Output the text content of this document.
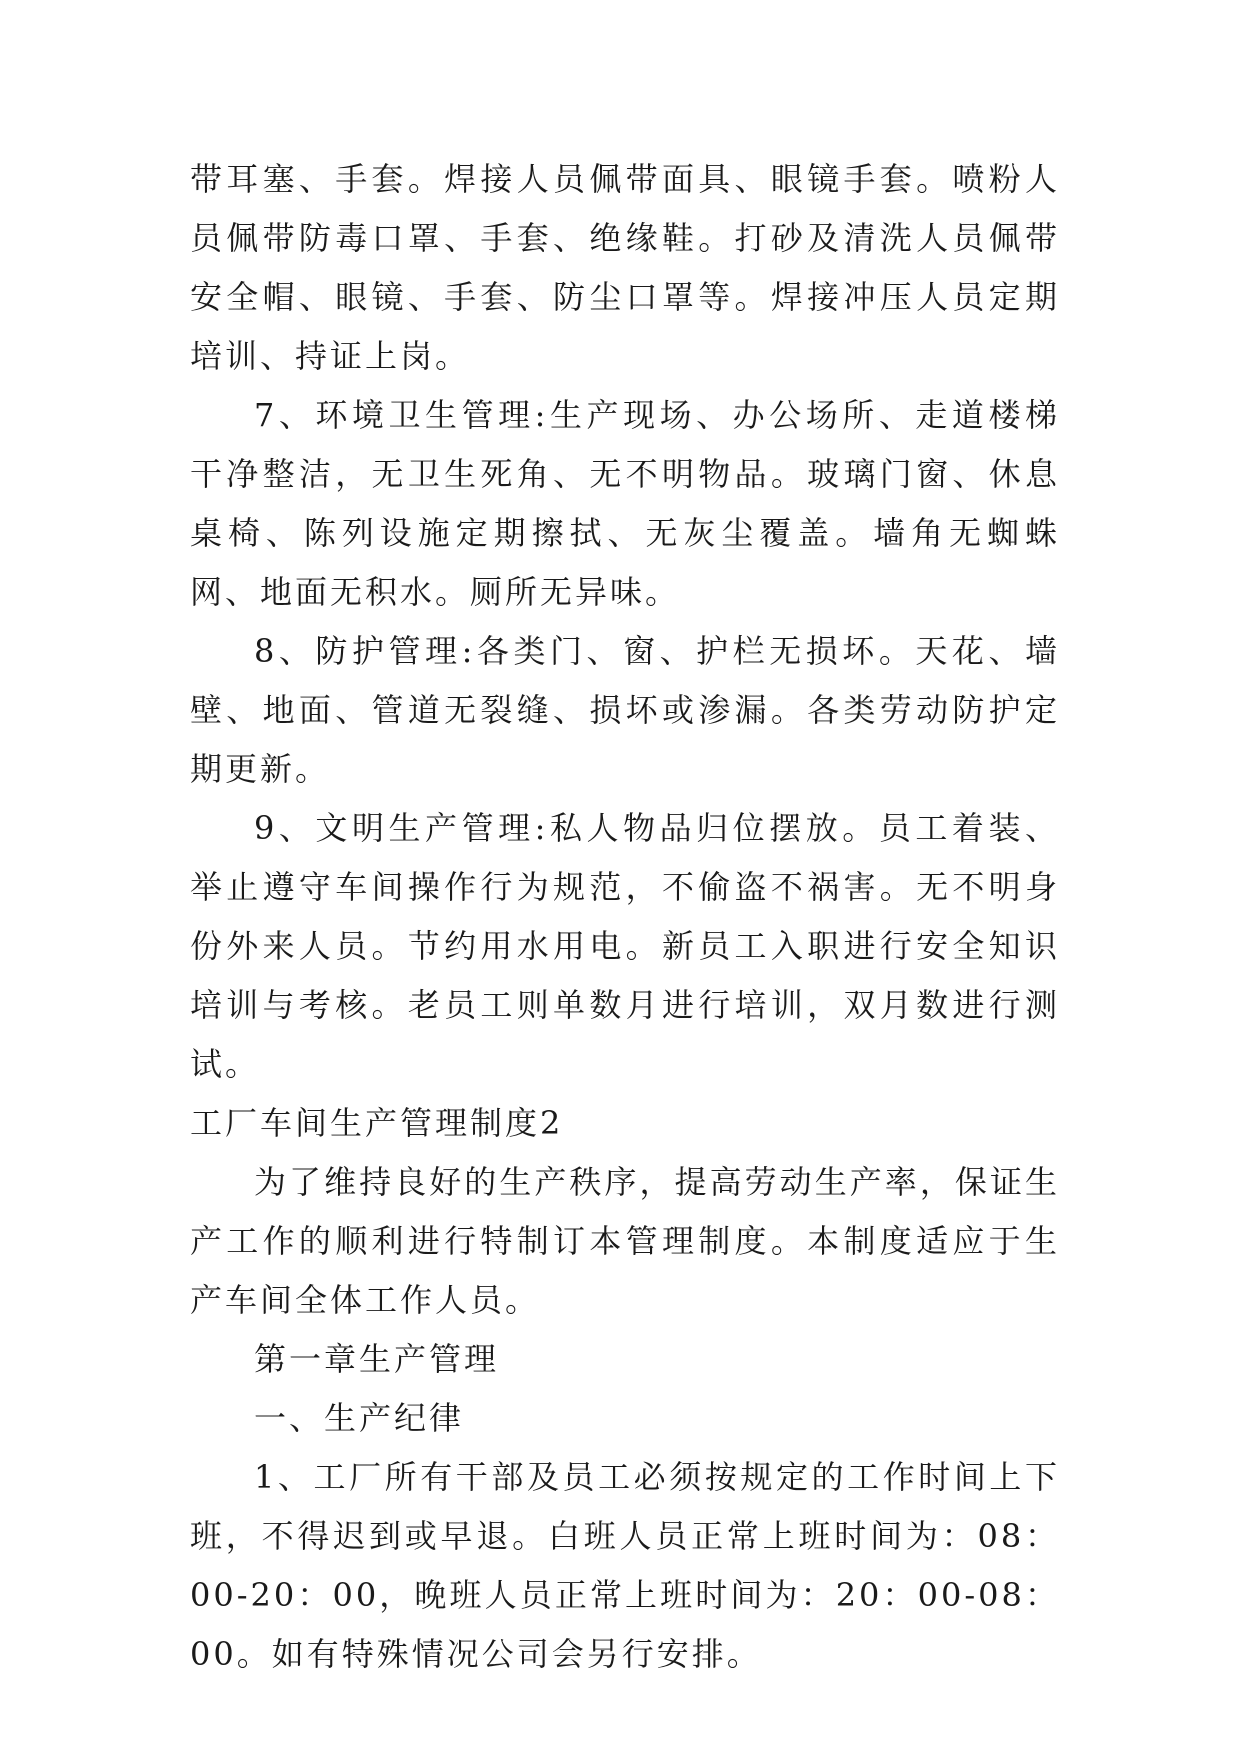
带耳塞、手套。焊接人员佩带面具、眼镜手套。喷粉人员佩带防毒口罩、手套、绝缘鞋。打砂及清洗人员佩带安全帽、眼镜、手套、防尘口罩等。焊接冲压人员定期培训、持证上岗。

7、环境卫生管理:生产现场、办公场所、走道楼梯干净整洁，无卫生死角、无不明物品。玻璃门窗、休息桌椅、陈列设施定期擦拭、无灰尘覆盖。墙角无蜘蛛网、地面无积水。厕所无异味。

8、防护管理:各类门、窗、护栏无损坏。天花、墙壁、地面、管道无裂缝、损坏或渗漏。各类劳动防护定期更新。

9、文明生产管理:私人物品归位摆放。员工着装、举止遵守车间操作行为规范，不偷盗不祸害。无不明身份外来人员。节约用水用电。新员工入职进行安全知识培训与考核。老员工则单数月进行培训，双月数进行测试。

工厂车间生产管理制度2

为了维持良好的生产秩序，提高劳动生产率，保证生产工作的顺利进行特制订本管理制度。本制度适应于生产车间全体工作人员。

第一章生产管理

一、生产纪律

1、工厂所有干部及员工必须按规定的工作时间上下班，不得迟到或早退。白班人员正常上班时间为：08：00-20：00，晚班人员正常上班时间为：20：00-08：00。如有特殊情况公司会另行安排。
